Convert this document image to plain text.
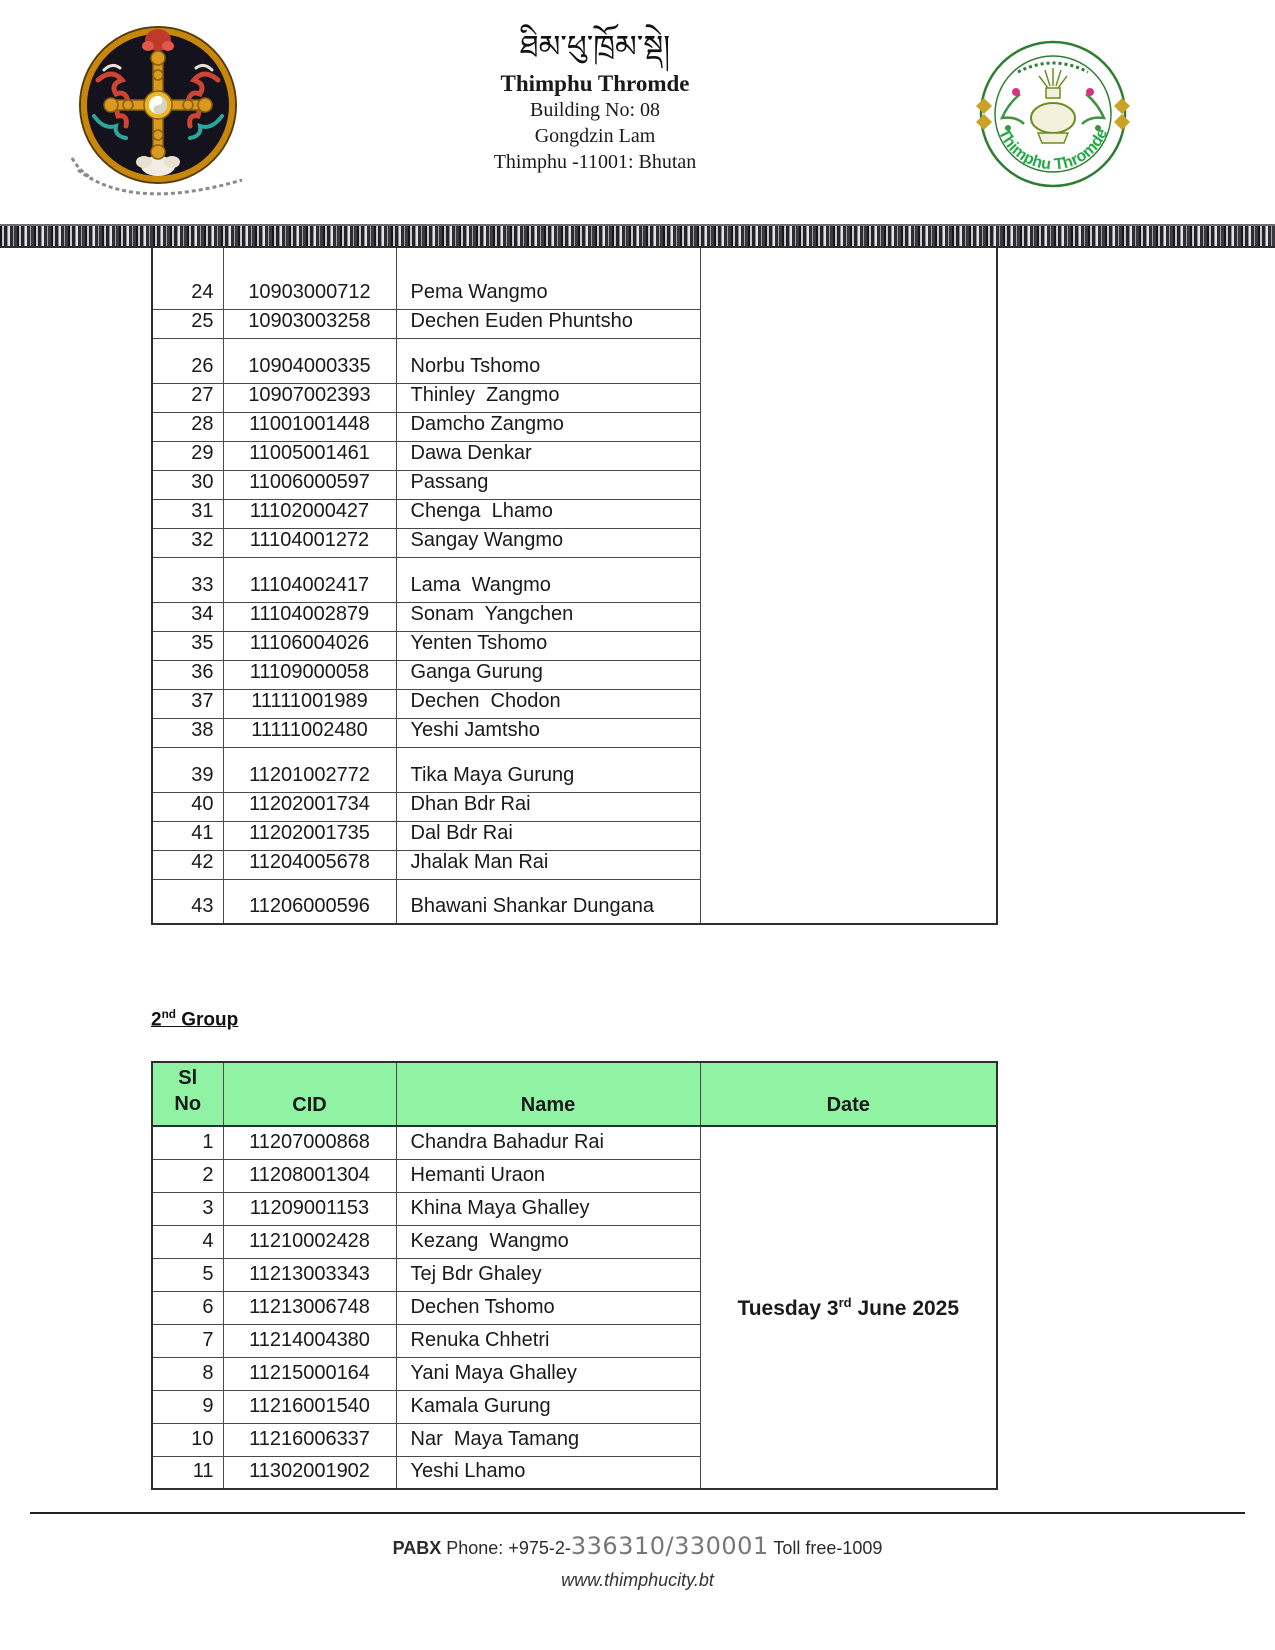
ཐིམ་ཕུ་ཁྲོམ་སྡེ།
Thimphu Thromde
Building No: 08
Gongdzin Lam
Thimphu -11001: Bhutan
Thimphu Thromde
24	10903000712	Pema Wangmo	
25	10903003258	Dechen Euden Phuntsho	
26	10904000335	Norbu Tshomo	
27	10907002393	Thinley  Zangmo	
28	11001001448	Damcho Zangmo	
29	11005001461	Dawa Denkar	
30	11006000597	Passang	
31	11102000427	Chenga  Lhamo	
32	11104001272	Sangay Wangmo	
33	11104002417	Lama  Wangmo	
34	11104002879	Sonam  Yangchen	
35	11106004026	Yenten Tshomo	
36	11109000058	Ganga Gurung	
37	11111001989	Dechen  Chodon	
38	11111002480	Yeshi Jamtsho	
39	11201002772	Tika Maya Gurung	
40	11202001734	Dhan Bdr Rai	
41	11202001735	Dal Bdr Rai	
42	11204005678	Jhalak Man Rai	
43	11206000596	Bhawani Shankar Dungana	
2nd Group
Sl
No	CID	Name	Date
1	11207000868	Chandra Bahadur Rai	Tuesday 3rd June 2025
2	11208001304	Hemanti Uraon	
3	11209001153	Khina Maya Ghalley	
4	11210002428	Kezang  Wangmo	
5	11213003343	Tej Bdr Ghaley	
6	11213006748	Dechen Tshomo	
7	11214004380	Renuka Chhetri	
8	11215000164	Yani Maya Ghalley	
9	11216001540	Kamala Gurung	
10	11216006337	Nar  Maya Tamang	
11	11302001902	Yeshi Lhamo	
PABX Phone: +975-2-336310/330001 Toll free-1009
www.thimphucity.bt
